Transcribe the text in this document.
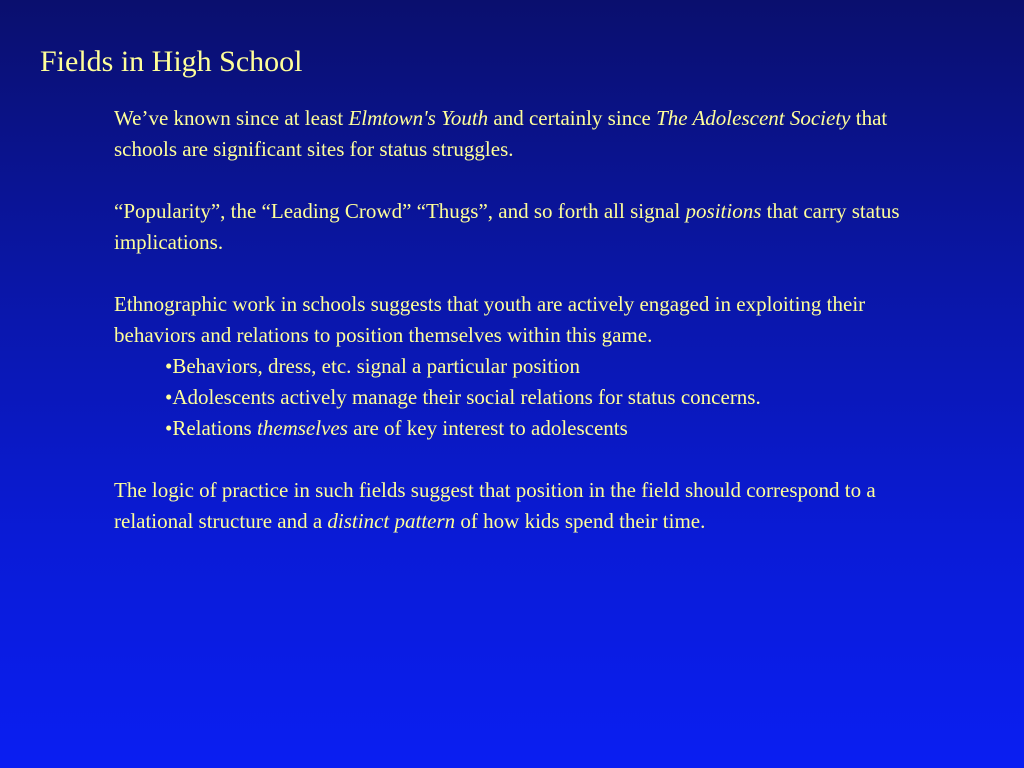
Fields in High School

We’ve known since at least Elmtown's Youth and certainly since The Adolescent Society that schools are significant sites for status struggles.

“Popularity”, the “Leading Crowd” “Thugs”, and so forth all signal positions that carry status implications.

Ethnographic work in schools suggests that youth are actively engaged in exploiting their behaviors and relations to position themselves within this game.

•Behaviors, dress, etc. signal a particular position
•Adolescents actively manage their social relations for status concerns.
•Relations themselves are of key interest to adolescents

The logic of practice in such fields suggest that position in the field should correspond to a relational structure and a distinct pattern of how kids spend their time.
